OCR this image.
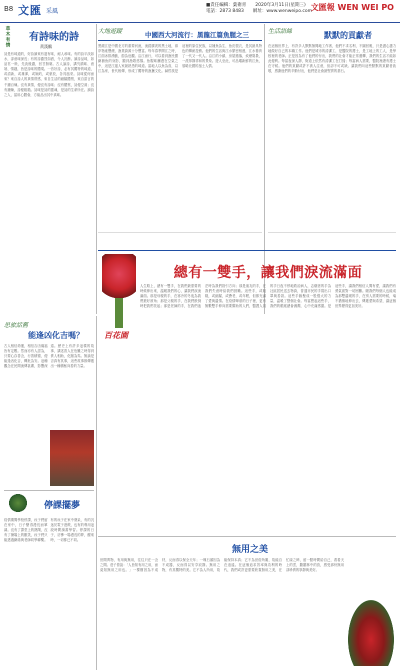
B8 文匯 采風
■責任編輯：葉衛青　　2020年3月11日(星期三)
電話：2873 8483　　網址：www.wenweipo.com
文匯報 WEN WEI PO
草木有情	有詩味的詩
黃漢鵬

詩是有味道的，好詩讀來有滋有味，耐人尋味。有的詩平淡如水，卻意味深長；有的詩濃烈如酒，令人沉醉。讀詩品味，如品茗一般，先淡後濃，回甘無窮。古人論詩，講究韻味、意境、情趣，皆是詩味的體現。一首好詩，必有其獨特的味道，或清新，或雄渾，或婉約，或豪放，各具風采。詩味從何而來？來自詩人的真情實感，來自生活的細膩體察，來自語言的千錘百煉。沒有真情，便沒有詩味；沒有體察，詩便空洞；沒有錘煉，詩便粗糙。詩味是詩的靈魂，是詩的生命所在。讀詩之人，當用心體會，方能品出其中真味。

大地遊蹤	中國西大河流行：黑龍江篇魚腥之三

黑龍江是中國北方的重要河流，流經廣袤的黑土地，兩岸物產豐饒，漁業資源十分豐富。每年春季開江之時，江面冰排湧動，蔚為壯觀。沿江而行，可以看到漁民撒網捕魚的身影，聽到漁歌悠揚。魚腥味瀰漫在空氣之中，這是江邊人家最熟悉的味道。當地人以魚為食，以江為家，世代相傳，形成了獨特的漁獵文化。赫哲族是這裡的原住民族，以捕魚為生，魚皮製衣，是其最具特色的傳統技藝。他們的生活與江水緊密相連，江水養育了一代又一代人。沿江的小鎮，房屋錯落，炊煙裊裊，一派寧靜祥和的景象。遊人至此，可品嚐新鮮的江魚，領略北國的風土人情。

生活語絲	默默的貢獻者

在這個世界上，有許多人默默無聞地工作著，他們不求名利，不圖回報，只是盡心盡力地做好自己的本職工作。他們是城市的清潔工，是醫院的護士，是工地上的工人，是學校裡的老師。正是因為有了他們的付出，我們的社會才能正常運轉，我們的生活才能如此便利。每當夜深人靜，街道上依然有清潔工在打掃；每當病人需要，醫院裡總有護士在守候。他們的貢獻或許不被人注意，但卻不可或缺。讓我們向這些默默的貢獻者致敬，感謝他們的辛勤付出，他們是社會最堅實的基石。

百花園
總有一雙手，讓我們淚流滿面

人生路上，總有一雙手，在我們最需要的時候伸出來，溫暖我們的心，讓我們淚流滿面。那是母親的手，在寒冷的冬夜為我們掖好被角；那是父親的手，在我們跌倒時把我們扶起；那是老師的手，在我們迷茫時為我們指引方向；那是朋友的手，在我們失意時給我們鼓勵。這些手，或粗糙，或細膩，或蒼老，或年輕，但都充滿了愛與溫情。在疫情肆虐的日子裡，更有無數雙手伸向需要幫助的人們，醫護人員的手日夜不停地救治病人，志願者的手為社區居民送去物資，普通市民的手捐出口罩與善款。這些手匯聚成一股強大的力量，温暖了整個社會。每當想起這些手，我們的眼眶總會濕潤，心中充滿感激。是這些手，讓我們相信人間有愛，讓我們有勇氣面對一切困難。願我們每個人也能成為那雙溫暖的手，在別人需要的時候，毫不猶豫地伸出去，傳遞愛與希望，讓這個世界變得更加美好。

思旅話舊
能逢凶化吉嗎？

古人相信命運，相信吉凶禍福皆有定數。然而亦有人認為，只要心存善念，行善積德，便能逢凶化吉，轉危為安。這種觀念在民間流傳甚廣，影響深遠。歷史上有許多這樣的故事，講述善人在危難之時得到貴人相助，化險為夷。無論是否真有其事，這些故事都傳遞出一種積極向善的力量。

停課擺夢

疫情期間學校停課，孩子們留在家中，日子變得漫長而單調。沒有了課堂上的熱鬧，沒有了操場上的歡笑，孩子們只能透過網絡與老師同學聯繫。有的孩子在家中發呆，有的沉迷於電子遊戲，也有的利用這段時間讀書學習。停課的日子，彷彿一場漫長的夢，醒來時，一切都已不同。

無用之美

世間萬物，有用與無用，往往只在一念之間。莊子曾說：「人皆知有用之用，而莫知無用之用也。」一棵樹因為不成材，反而得以保全天年；一塊石頭因為不成器，反而得以安享寂靜。無用之物，有其獨特的美。它不為人所用，故能保持本真；它不為世俗所累，故能自在逍遙。在這個追求效率與功利的時代，我們或許更需要欣賞無用之美，在忙碌之餘，留一點時間給自己，看看天上的雲，聽聽林中的鳥，感受那份無用卻珍貴的寧靜與美好。
